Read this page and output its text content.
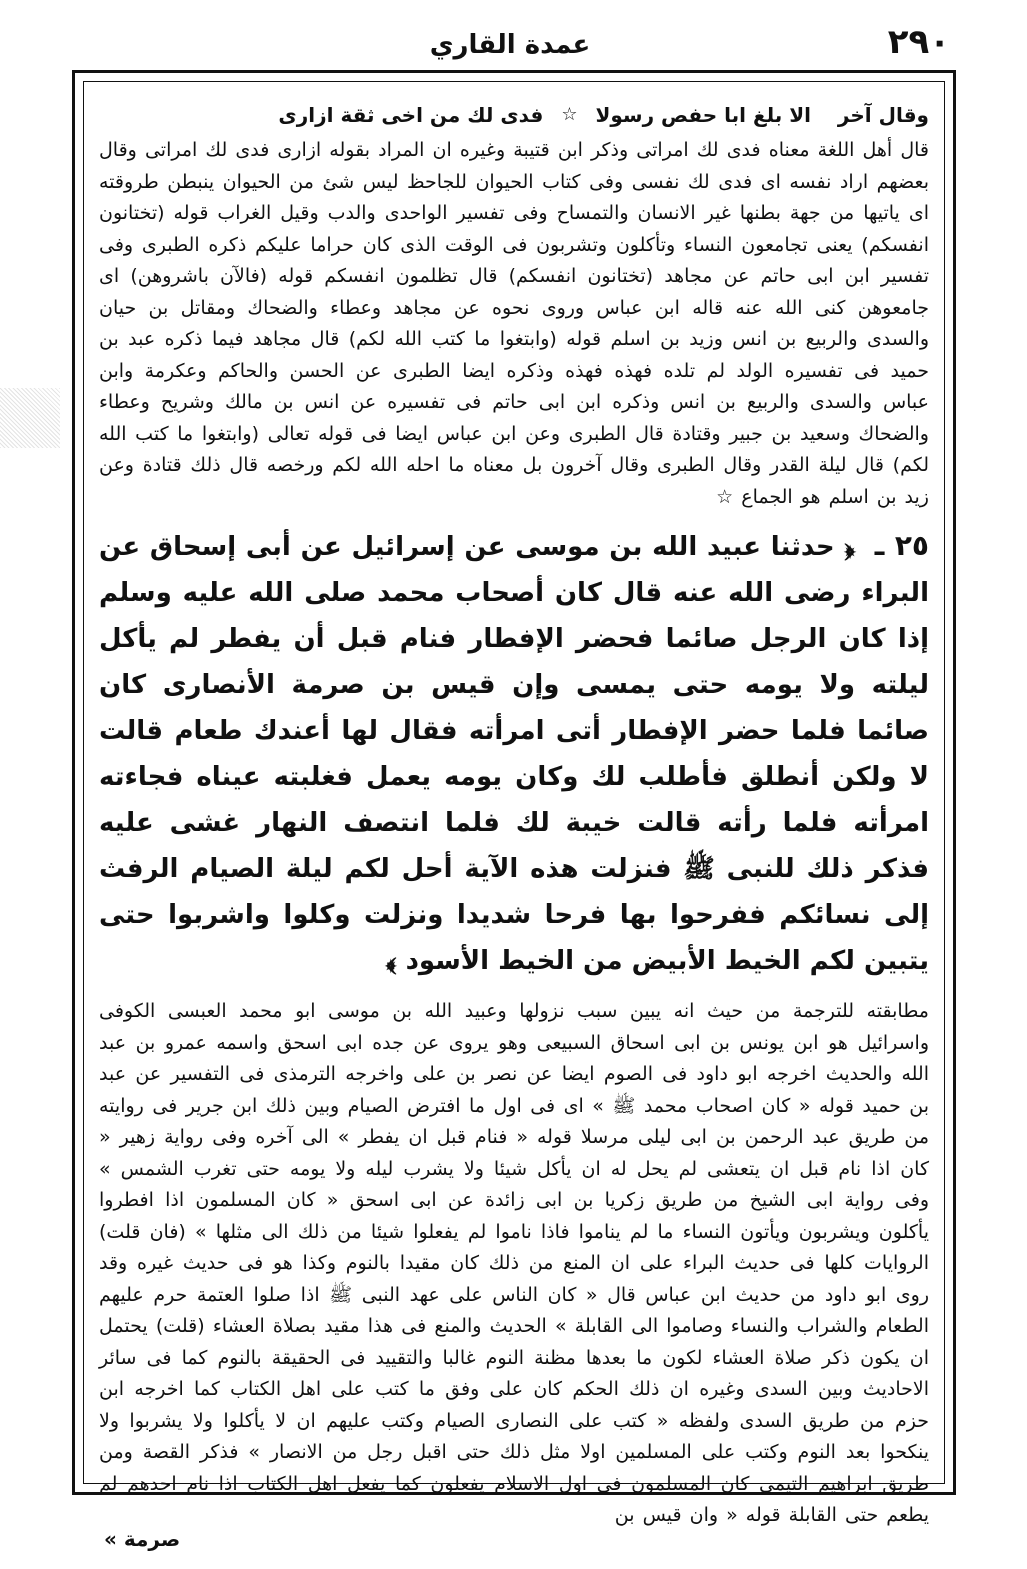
عمدة القاري	٢٩٠
وقال آخر
الا بلغ ابا حفص رسولا
☆
فدى لك من اخى ثقة ازارى

قال أهل اللغة معناه فدى لك امراتى وذكر ابن قتيبة وغيره ان المراد بقوله ازارى فدى لك امراتى وقال بعضهم اراد نفسه اى فدى لك نفسى وفى كتاب الحيوان للجاحظ ليس شئ من الحيوان ينبطن طروقته اى ياتيها من جهة بطنها غير الانسان والتمساح وفى تفسير الواحدى والدب وقيل الغراب قوله (تختانون انفسكم) يعنى تجامعون النساء وتأكلون وتشربون فى الوقت الذى كان حراما عليكم ذكره الطبرى وفى تفسير ابن ابى حاتم عن مجاهد (تختانون انفسكم) قال تظلمون انفسكم قوله (فالآن باشروهن) اى جامعوهن كنى الله عنه قاله ابن عباس وروى نحوه عن مجاهد وعطاء والضحاك ومقاتل بن حيان والسدى والربيع بن انس وزيد بن اسلم قوله (وابتغوا ما كتب الله لكم) قال مجاهد فيما ذكره عبد بن حميد فى تفسيره الولد لم تلده فهذه فهذه وذكره ايضا الطبرى عن الحسن والحاكم وعكرمة وابن عباس والسدى والربيع بن انس وذكره ابن ابى حاتم فى تفسيره عن انس بن مالك وشريح وعطاء والضحاك وسعيد بن جبير وقتادة قال الطبرى وعن ابن عباس ايضا فى قوله تعالى (وابتغوا ما كتب الله لكم) قال ليلة القدر وقال الطبرى وقال آخرون بل معناه ما احله الله لكم ورخصه قال ذلك قتادة وعن زيد بن اسلم هو الجماع ☆

٢٥ ـ ﴿ حدثنا عبيد الله بن موسى عن إسرائيل عن أبى إسحاق عن البراء رضى الله عنه قال كان أصحاب محمد صلى الله عليه وسلم إذا كان الرجل صائما فحضر الإفطار فنام قبل أن يفطر لم يأكل ليلته ولا يومه حتى يمسى وإن قيس بن صرمة الأنصارى كان صائما فلما حضر الإفطار أتى امرأته فقال لها أعندك طعام قالت لا ولكن أنطلق فأطلب لك وكان يومه يعمل فغلبته عيناه فجاءته امرأته فلما رأته قالت خيبة لك فلما انتصف النهار غشى عليه فذكر ذلك للنبى ﷺ فنزلت هذه الآية أحل لكم ليلة الصيام الرفث إلى نسائكم ففرحوا بها فرحا شديدا ونزلت وكلوا واشربوا حتى يتبين لكم الخيط الأبيض من الخيط الأسود ﴾

مطابقته للترجمة من حيث انه يبين سبب نزولها وعبيد الله بن موسى ابو محمد العبسى الكوفى واسرائيل هو ابن يونس بن ابى اسحاق السبيعى وهو يروى عن جده ابى اسحق واسمه عمرو بن عبد الله والحديث اخرجه ابو داود فى الصوم ايضا عن نصر بن على واخرجه الترمذى فى التفسير عن عبد بن حميد قوله « كان اصحاب محمد ﷺ » اى فى اول ما افترض الصيام وبين ذلك ابن جرير فى روايته من طريق عبد الرحمن بن ابى ليلى مرسلا قوله « فنام قبل ان يفطر » الى آخره وفى رواية زهير « كان اذا نام قبل ان يتعشى لم يحل له ان يأكل شيئا ولا يشرب ليله ولا يومه حتى تغرب الشمس » وفى رواية ابى الشيخ من طريق زكريا بن ابى زائدة عن ابى اسحق « كان المسلمون اذا افطروا يأكلون ويشربون ويأتون النساء ما لم يناموا فاذا ناموا لم يفعلوا شيئا من ذلك الى مثلها » (فان قلت) الروايات كلها فى حديث البراء على ان المنع من ذلك كان مقيدا بالنوم وكذا هو فى حديث غيره وقد روى ابو داود من حديث ابن عباس قال « كان الناس على عهد النبى ﷺ اذا صلوا العتمة حرم عليهم الطعام والشراب والنساء وصاموا الى القابلة » الحديث والمنع فى هذا مقيد بصلاة العشاء (قلت) يحتمل ان يكون ذكر صلاة العشاء لكون ما بعدها مظنة النوم غالبا والتقييد فى الحقيقة بالنوم كما فى سائر الاحاديث وبين السدى وغيره ان ذلك الحكم كان على وفق ما كتب على اهل الكتاب كما اخرجه ابن حزم من طريق السدى ولفظه « كتب على النصارى الصيام وكتب عليهم ان لا يأكلوا ولا يشربوا ولا ينكحوا بعد النوم وكتب على المسلمين اولا مثل ذلك حتى اقبل رجل من الانصار » فذكر القصة ومن طريق ابراهيم التيمى كان المسلمون فى اول الاسلام يفعلون كما يفعل اهل الكتاب اذا نام احدهم لم يطعم حتى القابلة قوله « وان قيس بن

صرمة »
